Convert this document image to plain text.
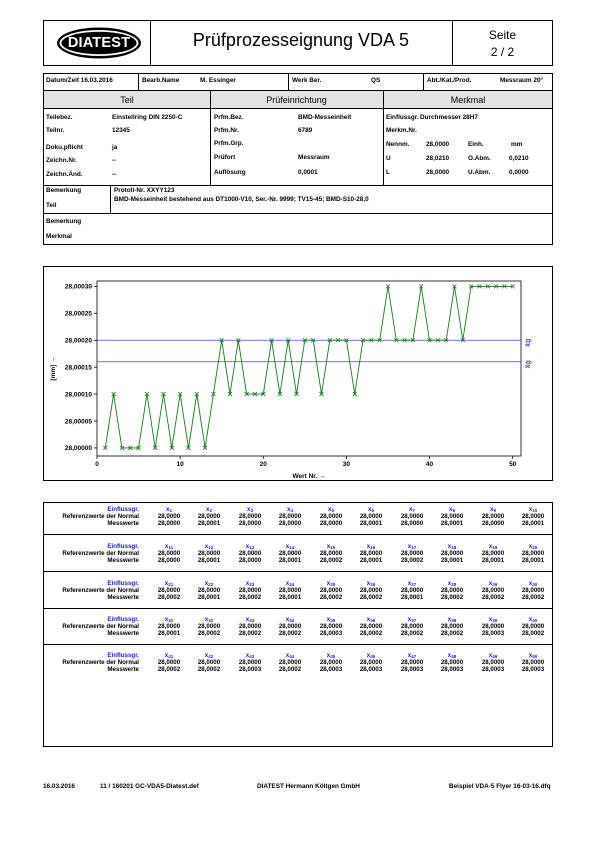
DIATEST	Prüfprozesseignung VDA 5	Seite
2 / 2
Datum/Zeit 16.03.2016	Bearb.Name	M. Essinger	Werk Ber.	QS	Abt./Kat./Prod.	Messraum 20°
Teil	Prüfeinrichtung	Merkmal
Teilebez.	Einstellring DIN 2250-C
Teilnr.	12345
Doku.pflicht	ja
Zeichn.Nr.	--
Zeichn.Änd.	--
Prfm.Bez.	BMD-Messeinheit
Prfm.Nr.	6789
Prfm.Grp.
Prüfort	Messraum
Auflösung	0,0001
Einflussgr. Durchmesser 28H7
Merkm.Nr.
Nennm.	28,0000	Einh.	mm
U	28,0210	O.Abm.	0,0210
L	28,0000	U.Abm.	0,0000
Bemerkung
Teil
Protoll-Nr. XXYY123
BMD-Messeinheit bestehend aus DT1000-V10, Ser.-Nr. 9999; TV15-45; BMD-S10-28,0
Bemerkung
Merkmal
28,00000
28,00005
28,00010
28,00015
28,00020
28,00025
28,00030
0	10	20	30	40	50
Wert Nr. →
[mm] →
x̄g
x̄g
Einflussgr.	$x_1$	$x_2$	$x_3$	$x_4$	$x_5$	$x_6$	$x_7$	$x_8$	$x_9$	$x_{10}$
Referenzwerte der Normal	28,0000	28,0000	28,0000	28,0000	28,0000	28,0000	28,0000	28,0000	28,0000	28,0000
Messwerte	28,0000	28,0001	28,0000	28,0000	28,0000	28,0001	28,0000	28,0001	28,0000	28,0001
Einflussgr.	$x_{11}$	$x_{12}$	$x_{13}$	$x_{14}$	$x_{15}$	$x_{16}$	$x_{17}$	$x_{18}$	$x_{19}$	$x_{20}$
Referenzwerte der Normal	28,0000	28,0000	28,0000	28,0000	28,0000	28,0000	28,0000	28,0000	28,0000	28,0000
Messwerte	28,0000	28,0001	28,0000	28,0001	28,0002	28,0001	28,0002	28,0001	28,0001	28,0001
Einflussgr.	$x_{21}$	$x_{22}$	$x_{23}$	$x_{24}$	$x_{25}$	$x_{26}$	$x_{27}$	$x_{28}$	$x_{29}$	$x_{30}$
Referenzwerte der Normal	28,0000	28,0000	28,0000	28,0000	28,0000	28,0000	28,0000	28,0000	28,0000	28,0000
Messwerte	28,0002	28,0001	28,0002	28,0001	28,0002	28,0002	28,0001	28,0002	28,0002	28,0002
Einflussgr.	$x_{31}$	$x_{32}$	$x_{33}$	$x_{34}$	$x_{35}$	$x_{36}$	$x_{37}$	$x_{38}$	$x_{39}$	$x_{40}$
Referenzwerte der Normal	28,0000	28,0000	28,0000	28,0000	28,0000	28,0000	28,0000	28,0000	28,0000	28,0000
Messwerte	28,0001	28,0002	28,0002	28,0002	28,0003	28,0002	28,0002	28,0002	28,0003	28,0002
Einflussgr.	$x_{41}$	$x_{42}$	$x_{43}$	$x_{44}$	$x_{45}$	$x_{46}$	$x_{47}$	$x_{48}$	$x_{49}$	$x_{50}$
Referenzwerte der Normal	28,0000	28,0000	28,0000	28,0000	28,0000	28,0000	28,0000	28,0000	28,0000	28,0000
Messwerte	28,0002	28,0002	28,0003	28,0002	28,0003	28,0003	28,0003	28,0003	28,0003	28,0003
16.03.2016	11 / 160201 GC-VDA5-Diatest.def	DIATEST Hermann Költgen GmbH	Beispiel VDA-5 Flyer 16-03-16.dfq
